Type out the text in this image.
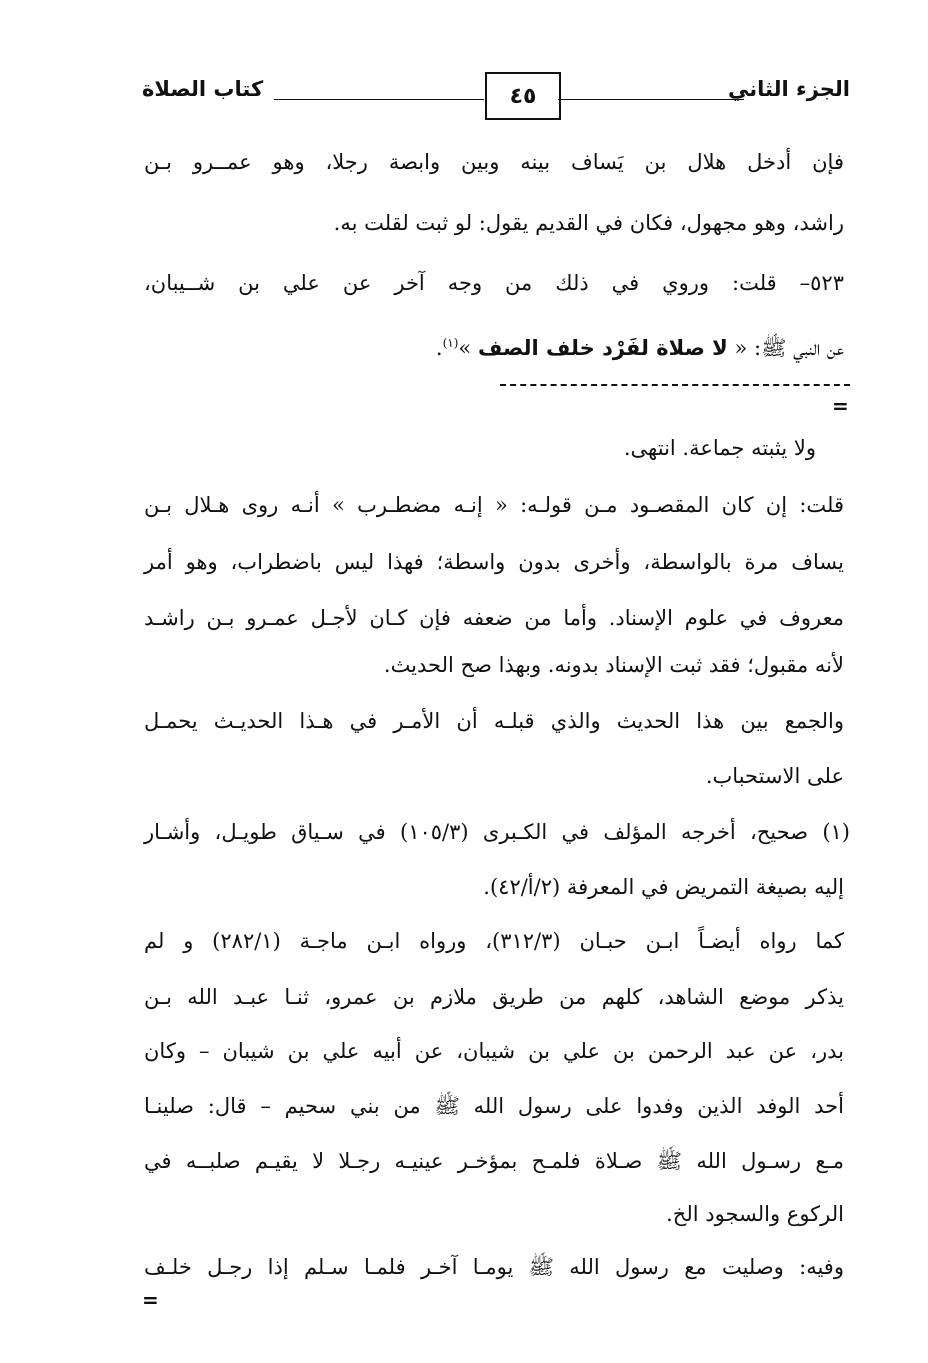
الجزء الثاني
٤٥
كتاب الصلاة
فإن أدخل هلال بن يَساف بينه وبين وابصة رجلا، وهو عمــرو بـن
راشد، وهو مجهول، فكان في القديم يقول: لو ثبت لقلت به.
٥٢٣– قلت: وروي في ذلك من وجه آخر عن علي بن شــيبان،
عن النبي ﷺ: « لا صلاة لفَرْد خلف الصف »$^{(١)}$.
=
ولا يثبته جماعة. انتهى.
قلت: إن كان المقصـود مـن قولـه: « إنـه مضطـرب » أنـه روى هـلال بـن
يساف مرة بالواسطة، وأخرى بدون واسطة؛ فهذا ليس باضطراب، وهو أمر
معروف في علوم الإسناد. وأما من ضعفه فإن كـان لأجـل عمـرو بـن راشـد
لأنه مقبول؛ فقد ثبت الإسناد بدونه. وبهذا صح الحديث.
والجمع بين هذا الحديث والذي قبلـه أن الأمـر في هـذا الحديـث يحمـل
على الاستحباب.
(١) صحيح، أخرجه المؤلف في الكـبرى (١٠٥/٣) في سـياق طويـل، وأشـار
إليه بصيغة التمريض في المعرفة (٢/أ/٤٢).
كما رواه أيضـاً ابـن حبـان (٣١٢/٣)، ورواه ابـن ماجـة (٢٨٢/١) و لم
يذكر موضع الشاهد، كلهم من طريق ملازم بن عمرو، ثنـا عبـد الله بـن
بدر، عن عبد الرحمن بن علي بن شيبان، عن أبيه علي بن شيبان – وكان
أحد الوفد الذين وفدوا على رسول الله ﷺ من بني سحيم – قال: صلينـا
مـع رسـول الله ﷺ صـلاة فلمـح بمؤخـر عينيـه رجـلا لا يقيـم صلبــه في
الركوع والسجود الخ.
وفيه: وصليت مع رسول الله ﷺ يومـا آخـر فلمـا سـلم إذا رجـل خلـف
=
